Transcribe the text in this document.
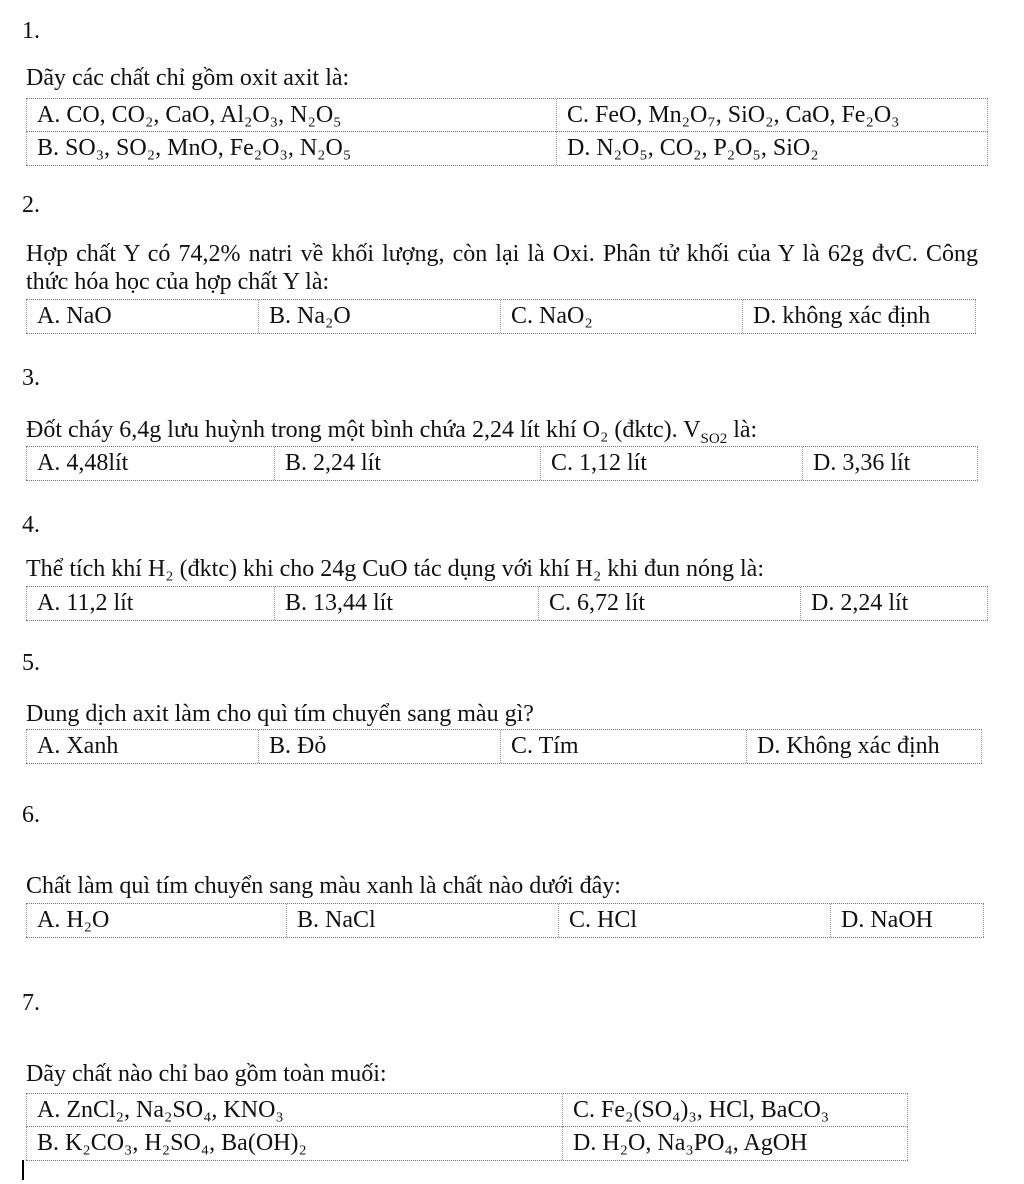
1.
Dãy các chất chỉ gồm oxit axit là:
A. CO, CO₂, CaO, Al₂O₃, N₂O₅	C. FeO, Mn₂O₇, SiO₂, CaO, Fe₂O₃
B. SO₃, SO₂, MnO, Fe₂O₃, N₂O₅	D. N₂O₅, CO₂, P₂O₅, SiO₂
2.
Hợp chất Y có 74,2% natri về khối lượng, còn lại là Oxi. Phân tử khối của Y là 62g đvC. Công thức hóa học của hợp chất Y là:
A. NaO	B. Na₂O	C. NaO₂	D. không xác định
3.
Đốt cháy 6,4g lưu huỳnh trong một bình chứa 2,24 lít khí O₂ (đktc). $V_{SO2}$ là:
A. 4,48lít	B. 2,24 lít	C. 1,12 lít	D. 3,36 lít
4.
Thể tích khí H₂ (đktc) khi cho 24g CuO tác dụng với khí H₂ khi đun nóng là:
A. 11,2 lít	B. 13,44 lít	C. 6,72 lít	D. 2,24 lít
5.
Dung dịch axit làm cho quì tím chuyển sang màu gì?
A. Xanh	B. Đỏ	C. Tím	D. Không xác định
6.
Chất làm quì tím chuyển sang màu xanh là chất nào dưới đây:
A. H₂O	B. NaCl	C. HCl	D. NaOH
7.
Dãy chất nào chỉ bao gồm toàn muối:
A. ZnCl₂, Na₂SO₄, KNO₃	C. Fe₂(SO₄)₃, HCl, BaCO₃
B. K₂CO₃, H₂SO₄, Ba(OH)₂	D. H₂O, Na₃PO₄, AgOH
